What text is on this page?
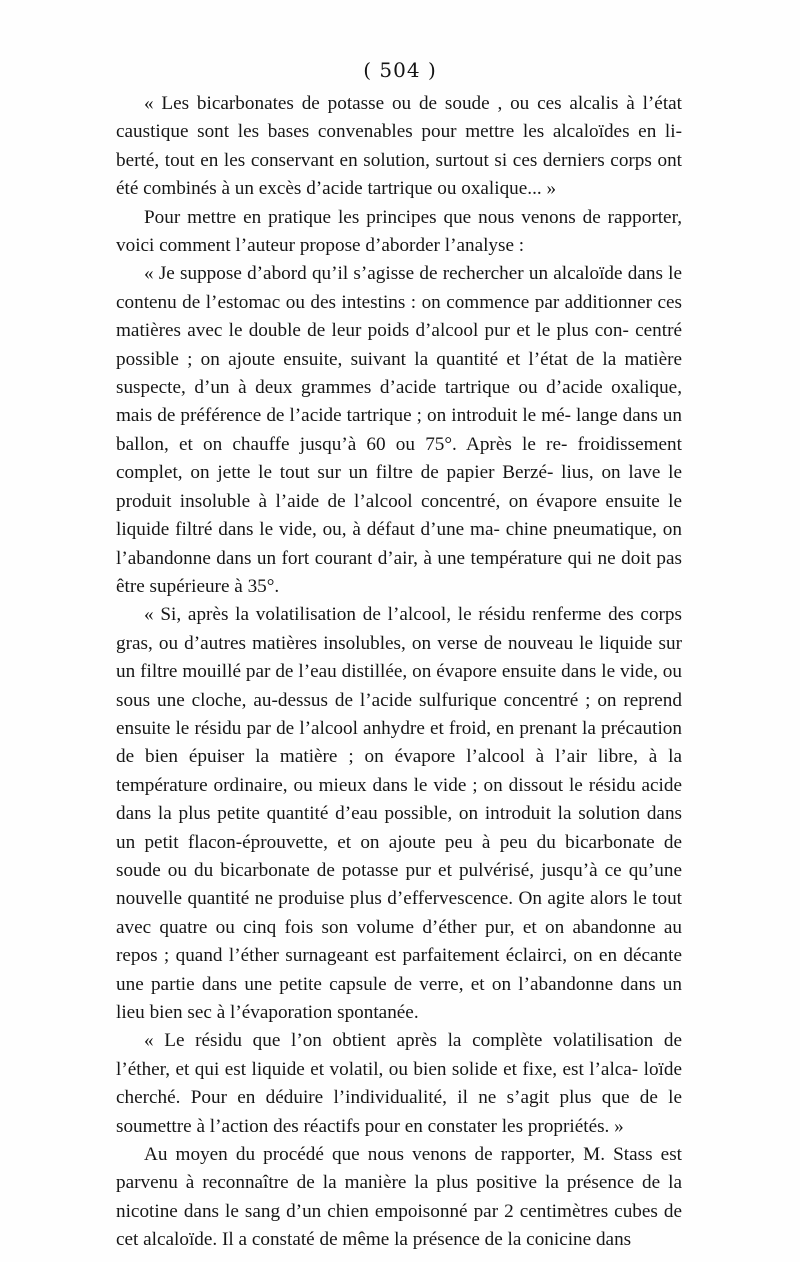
( 504 )

« Les bicarbonates de potasse ou de soude , ou ces alcalis à l’état caustique sont les bases convenables pour mettre les alcaloïdes en li- berté, tout en les conservant en solution, surtout si ces derniers corps ont été combinés à un excès d’acide tartrique ou oxalique... »

Pour mettre en pratique les principes que nous venons de rapporter, voici comment l’auteur propose d’aborder l’analyse :

« Je suppose d’abord qu’il s’agisse de rechercher un alcaloïde dans le contenu de l’estomac ou des intestins : on commence par additionner ces matières avec le double de leur poids d’alcool pur et le plus con- centré possible ; on ajoute ensuite, suivant la quantité et l’état de la matière suspecte, d’un à deux grammes d’acide tartrique ou d’acide oxalique, mais de préférence de l’acide tartrique ; on introduit le mé- lange dans un ballon, et on chauffe jusqu’à 60 ou 75°. Après le re- froidissement complet, on jette le tout sur un filtre de papier Berzé- lius, on lave le produit insoluble à l’aide de l’alcool concentré, on évapore ensuite le liquide filtré dans le vide, ou, à défaut d’une ma- chine pneumatique, on l’abandonne dans un fort courant d’air, à une température qui ne doit pas être supérieure à 35°.

« Si, après la volatilisation de l’alcool, le résidu renferme des corps gras, ou d’autres matières insolubles, on verse de nouveau le liquide sur un filtre mouillé par de l’eau distillée, on évapore ensuite dans le vide, ou sous une cloche, au-dessus de l’acide sulfurique concentré ; on reprend ensuite le résidu par de l’alcool anhydre et froid, en prenant la précaution de bien épuiser la matière ; on évapore l’alcool à l’air libre, à la température ordinaire, ou mieux dans le vide ; on dissout le résidu acide dans la plus petite quantité d’eau possible, on introduit la solution dans un petit flacon-éprouvette, et on ajoute peu à peu du bicarbonate de soude ou du bicarbonate de potasse pur et pulvérisé, jusqu’à ce qu’une nouvelle quantité ne produise plus d’effervescence. On agite alors le tout avec quatre ou cinq fois son volume d’éther pur, et on abandonne au repos ; quand l’éther surnageant est parfaitement éclairci, on en décante une partie dans une petite capsule de verre, et on l’abandonne dans un lieu bien sec à l’évaporation spontanée.

« Le résidu que l’on obtient après la complète volatilisation de l’éther, et qui est liquide et volatil, ou bien solide et fixe, est l’alca- loïde cherché. Pour en déduire l’individualité, il ne s’agit plus que de le soumettre à l’action des réactifs pour en constater les propriétés. »

Au moyen du procédé que nous venons de rapporter, M. Stass est parvenu à reconnaître de la manière la plus positive la présence de la nicotine dans le sang d’un chien empoisonné par 2 centimètres cubes de cet alcaloïde. Il a constaté de même la présence de la conicine dans
